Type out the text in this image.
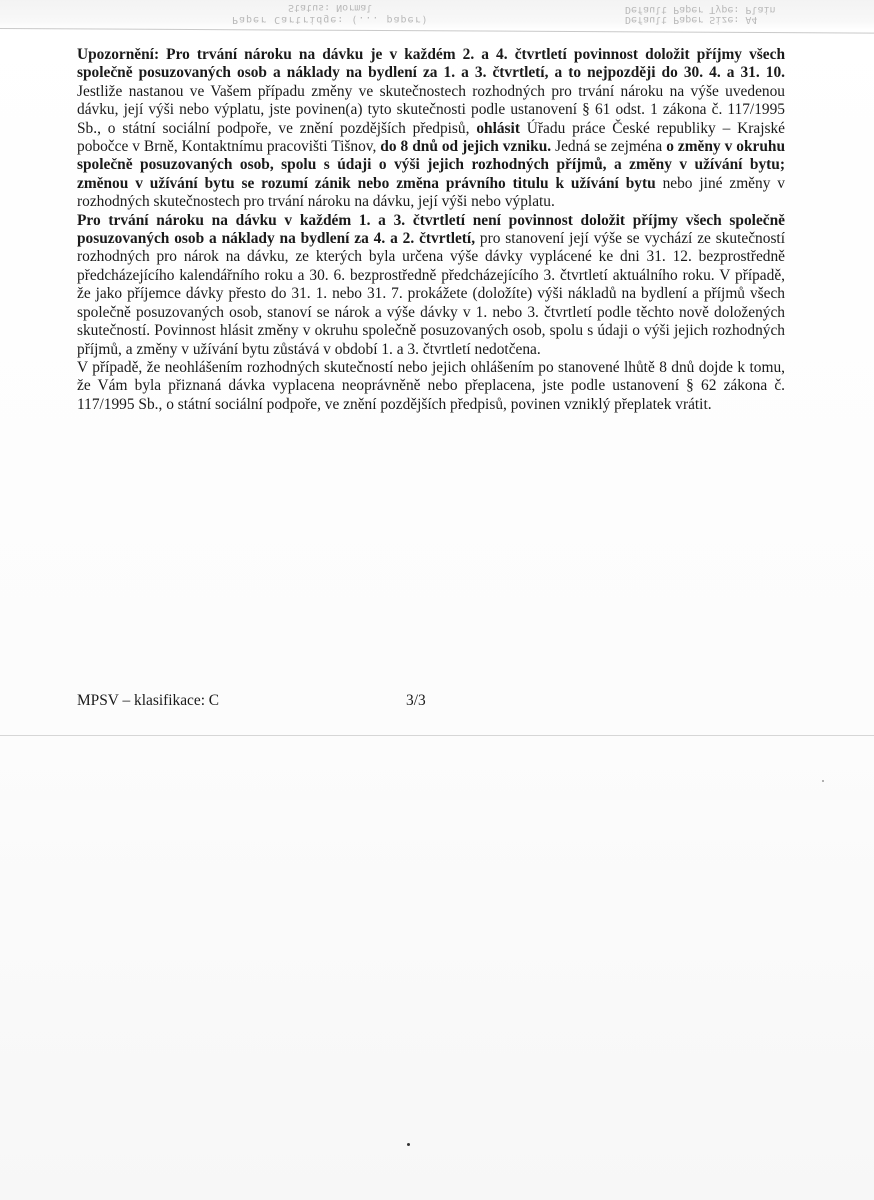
Status: Normal
Paper Cartridge: (... paper)
Default Paper Type: Plain
Default Paper Size: A4

Upozornění: Pro trvání nároku na dávku je v každém 2. a 4. čtvrtletí povinnost doložit příjmy všech společně posuzovaných osob a náklady na bydlení za 1. a 3. čtvrtletí, a to nejpozději do 30. 4. a 31. 10. Jestliže nastanou ve Vašem případu změny ve skutečnostech rozhodných pro trvání nároku na výše uvedenou dávku, její výši nebo výplatu, jste povinen(a) tyto skutečnosti podle ustanovení § 61 odst. 1 zákona č. 117/1995 Sb., o státní sociální podpoře, ve znění pozdějších předpisů, ohlásit Úřadu práce České republiky – Krajské pobočce v Brně, Kontaktnímu pracovišti Tišnov, do 8 dnů od jejich vzniku. Jedná se zejména o změny v okruhu společně posuzovaných osob, spolu s údaji o výši jejich rozhodných příjmů, a změny v užívání bytu; změnou v užívání bytu se rozumí zánik nebo změna právního titulu k užívání bytu nebo jiné změny v rozhodných skutečnostech pro trvání nároku na dávku, její výši nebo výplatu.

Pro trvání nároku na dávku v každém 1. a 3. čtvrtletí není povinnost doložit příjmy všech společně posuzovaných osob a náklady na bydlení za 4. a 2. čtvrtletí, pro stanovení její výše se vychází ze skutečností rozhodných pro nárok na dávku, ze kterých byla určena výše dávky vyplácené ke dni 31. 12. bezprostředně předcházejícího kalendářního roku a 30. 6. bezprostředně předcházejícího 3. čtvrtletí aktuálního roku. V případě, že jako příjemce dávky přesto do 31. 1. nebo 31. 7. prokážete (doložíte) výši nákladů na bydlení a příjmů všech společně posuzovaných osob, stanoví se nárok a výše dávky v 1. nebo 3. čtvrtletí podle těchto nově doložených skutečností. Povinnost hlásit změny v okruhu společně posuzovaných osob, spolu s údaji o výši jejich rozhodných příjmů, a změny v užívání bytu zůstává v období 1. a 3. čtvrtletí nedotčena.

V případě, že neohlášením rozhodných skutečností nebo jejich ohlášením po stanovené lhůtě 8 dnů dojde k tomu, že Vám byla přiznaná dávka vyplacena neoprávněně nebo přeplacena, jste podle ustanovení § 62 zákona č. 117/1995 Sb., o státní sociální podpoře, ve znění pozdějších předpisů, povinen vzniklý přeplatek vrátit.

MPSV – klasifikace: C	3/3
